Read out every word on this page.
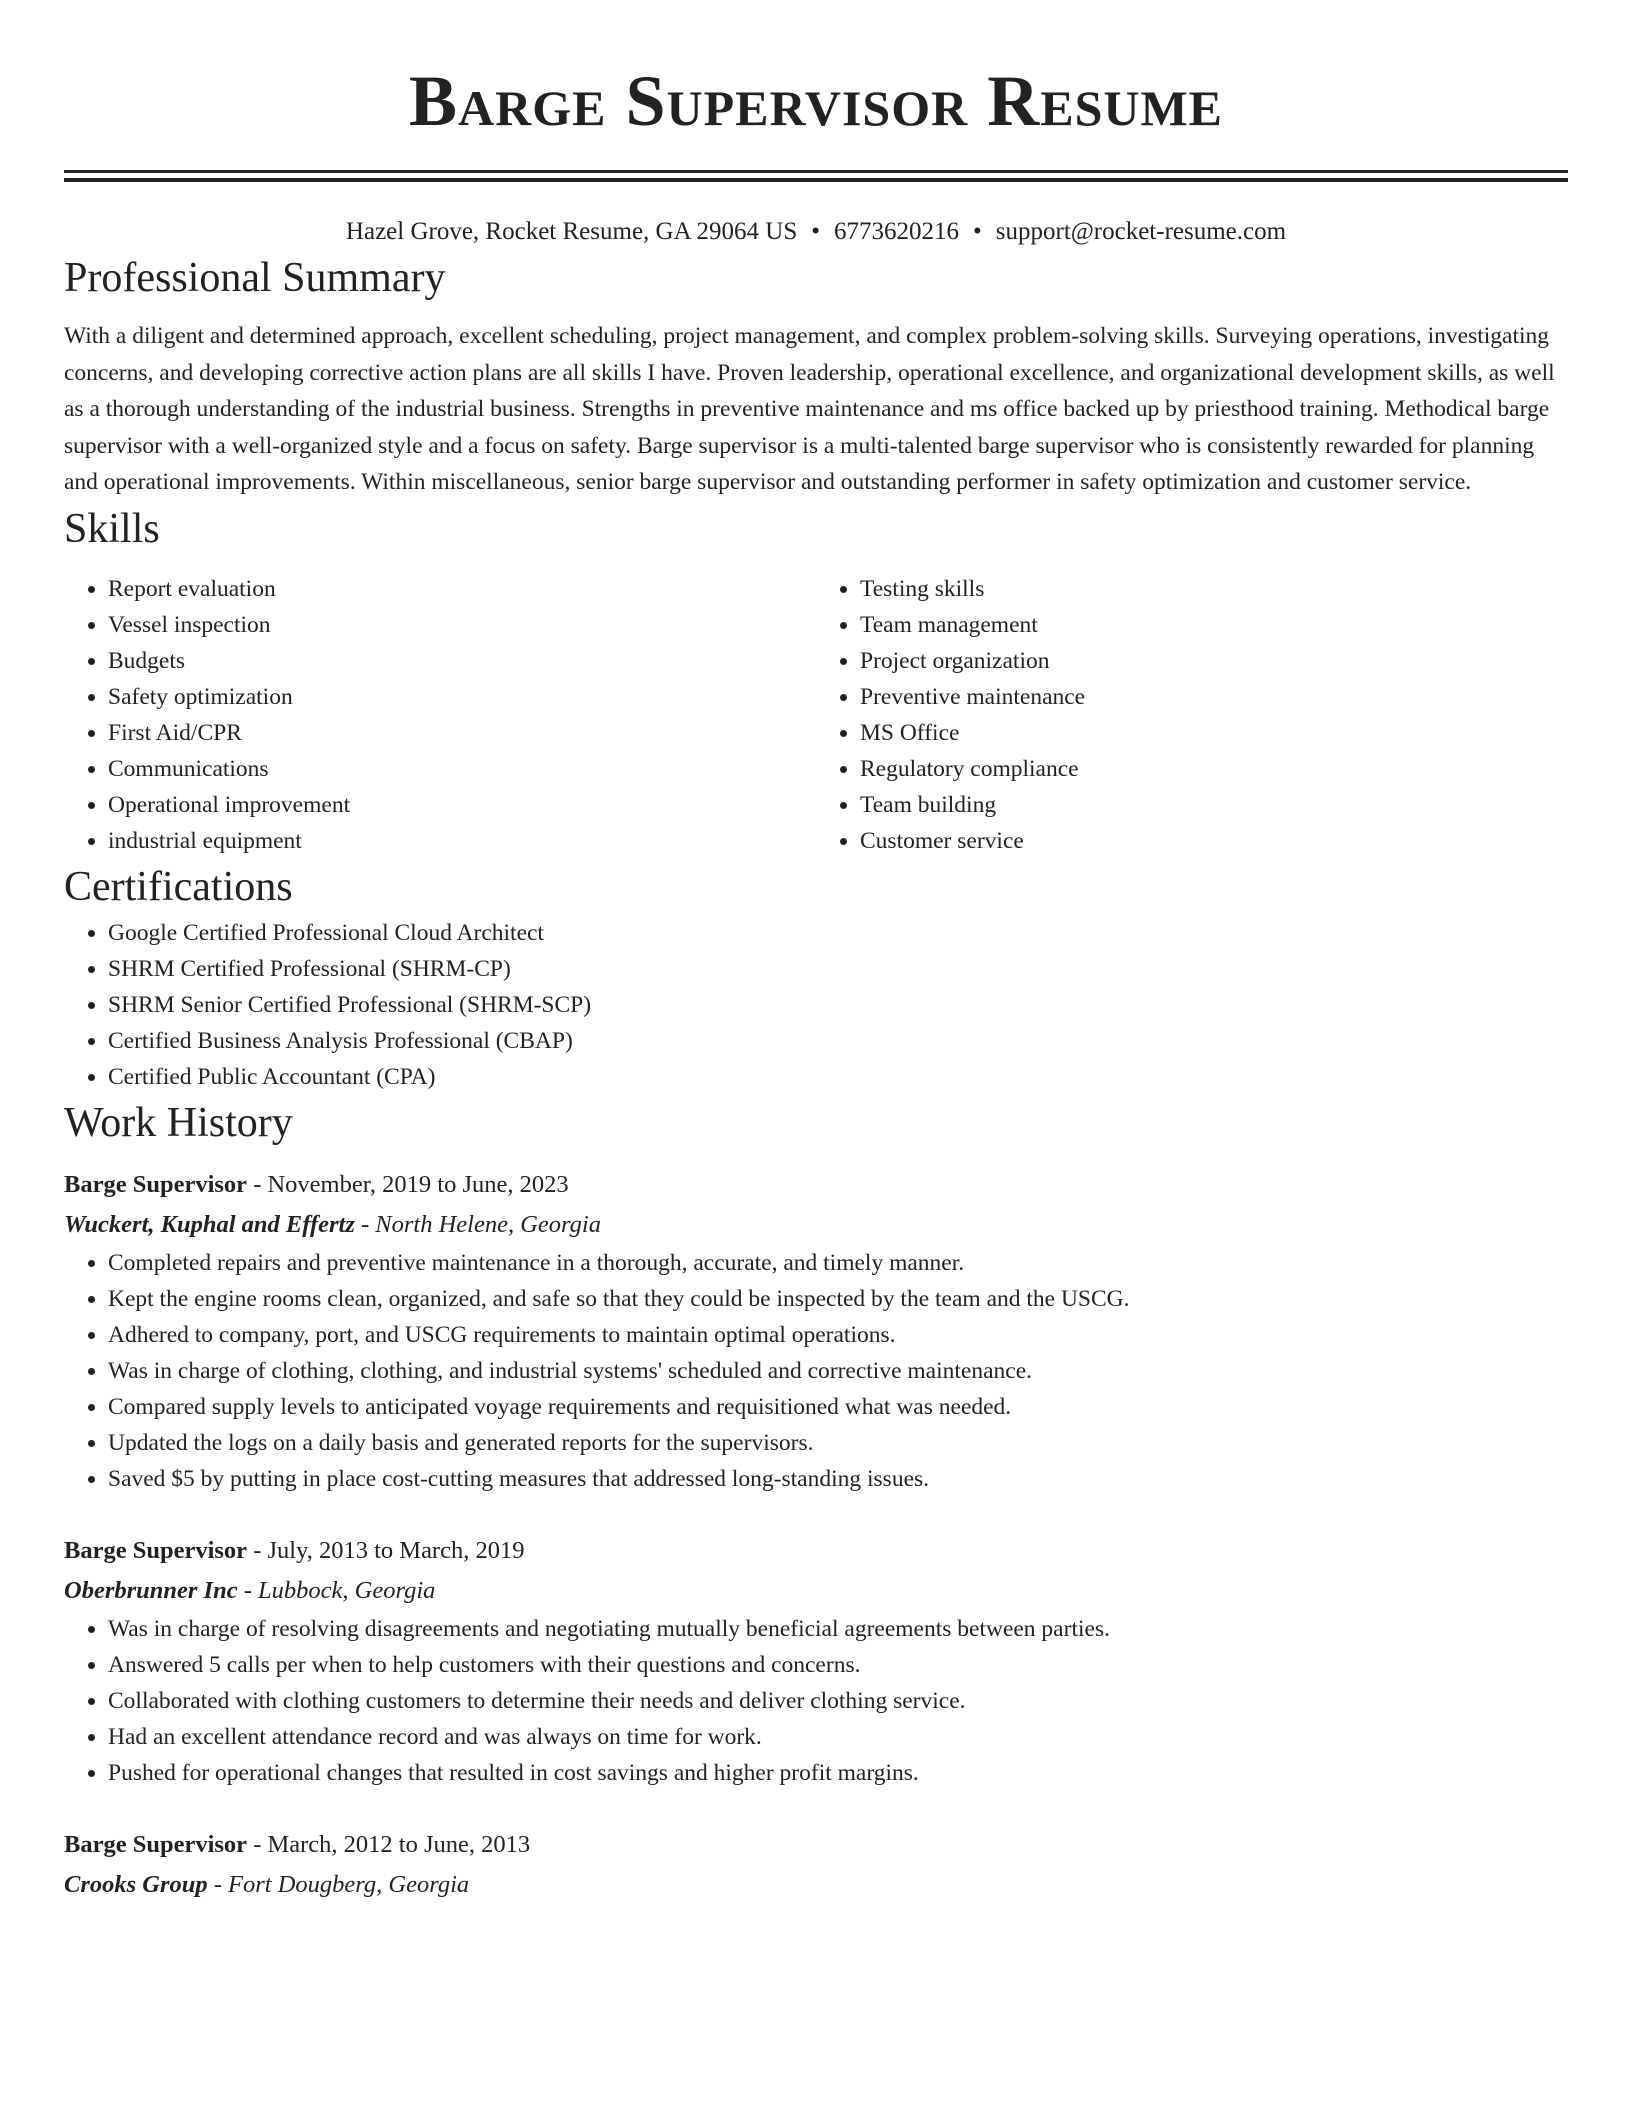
Barge Supervisor Resume
Hazel Grove, Rocket Resume, GA 29064 US • 6773620216 • support@rocket-resume.com
Professional Summary

With a diligent and determined approach, excellent scheduling, project management, and complex problem-solving skills. Surveying operations, investigating concerns, and developing corrective action plans are all skills I have. Proven leadership, operational excellence, and organizational development skills, as well as a thorough understanding of the industrial business. Strengths in preventive maintenance and ms office backed up by priesthood training. Methodical barge supervisor with a well-organized style and a focus on safety. Barge supervisor is a multi-talented barge supervisor who is consistently rewarded for planning and operational improvements. Within miscellaneous, senior barge supervisor and outstanding performer in safety optimization and customer service.

Skills
• Report evaluation
• Vessel inspection
• Budgets
• Safety optimization
• First Aid/CPR
• Communications
• Operational improvement
• industrial equipment
• Testing skills
• Team management
• Project organization
• Preventive maintenance
• MS Office
• Regulatory compliance
• Team building
• Customer service
Certifications
• Google Certified Professional Cloud Architect
• SHRM Certified Professional (SHRM-CP)
• SHRM Senior Certified Professional (SHRM-SCP)
• Certified Business Analysis Professional (CBAP)
• Certified Public Accountant (CPA)
Work History
Barge Supervisor - November, 2019 to June, 2023
Wuckert, Kuphal and Effertz - North Helene, Georgia
• Completed repairs and preventive maintenance in a thorough, accurate, and timely manner.
• Kept the engine rooms clean, organized, and safe so that they could be inspected by the team and the USCG.
• Adhered to company, port, and USCG requirements to maintain optimal operations.
• Was in charge of clothing, clothing, and industrial systems' scheduled and corrective maintenance.
• Compared supply levels to anticipated voyage requirements and requisitioned what was needed.
• Updated the logs on a daily basis and generated reports for the supervisors.
• Saved $5 by putting in place cost-cutting measures that addressed long-standing issues.
Barge Supervisor - July, 2013 to March, 2019
Oberbrunner Inc - Lubbock, Georgia
• Was in charge of resolving disagreements and negotiating mutually beneficial agreements between parties.
• Answered 5 calls per when to help customers with their questions and concerns.
• Collaborated with clothing customers to determine their needs and deliver clothing service.
• Had an excellent attendance record and was always on time for work.
• Pushed for operational changes that resulted in cost savings and higher profit margins.
Barge Supervisor - March, 2012 to June, 2013
Crooks Group - Fort Dougberg, Georgia
